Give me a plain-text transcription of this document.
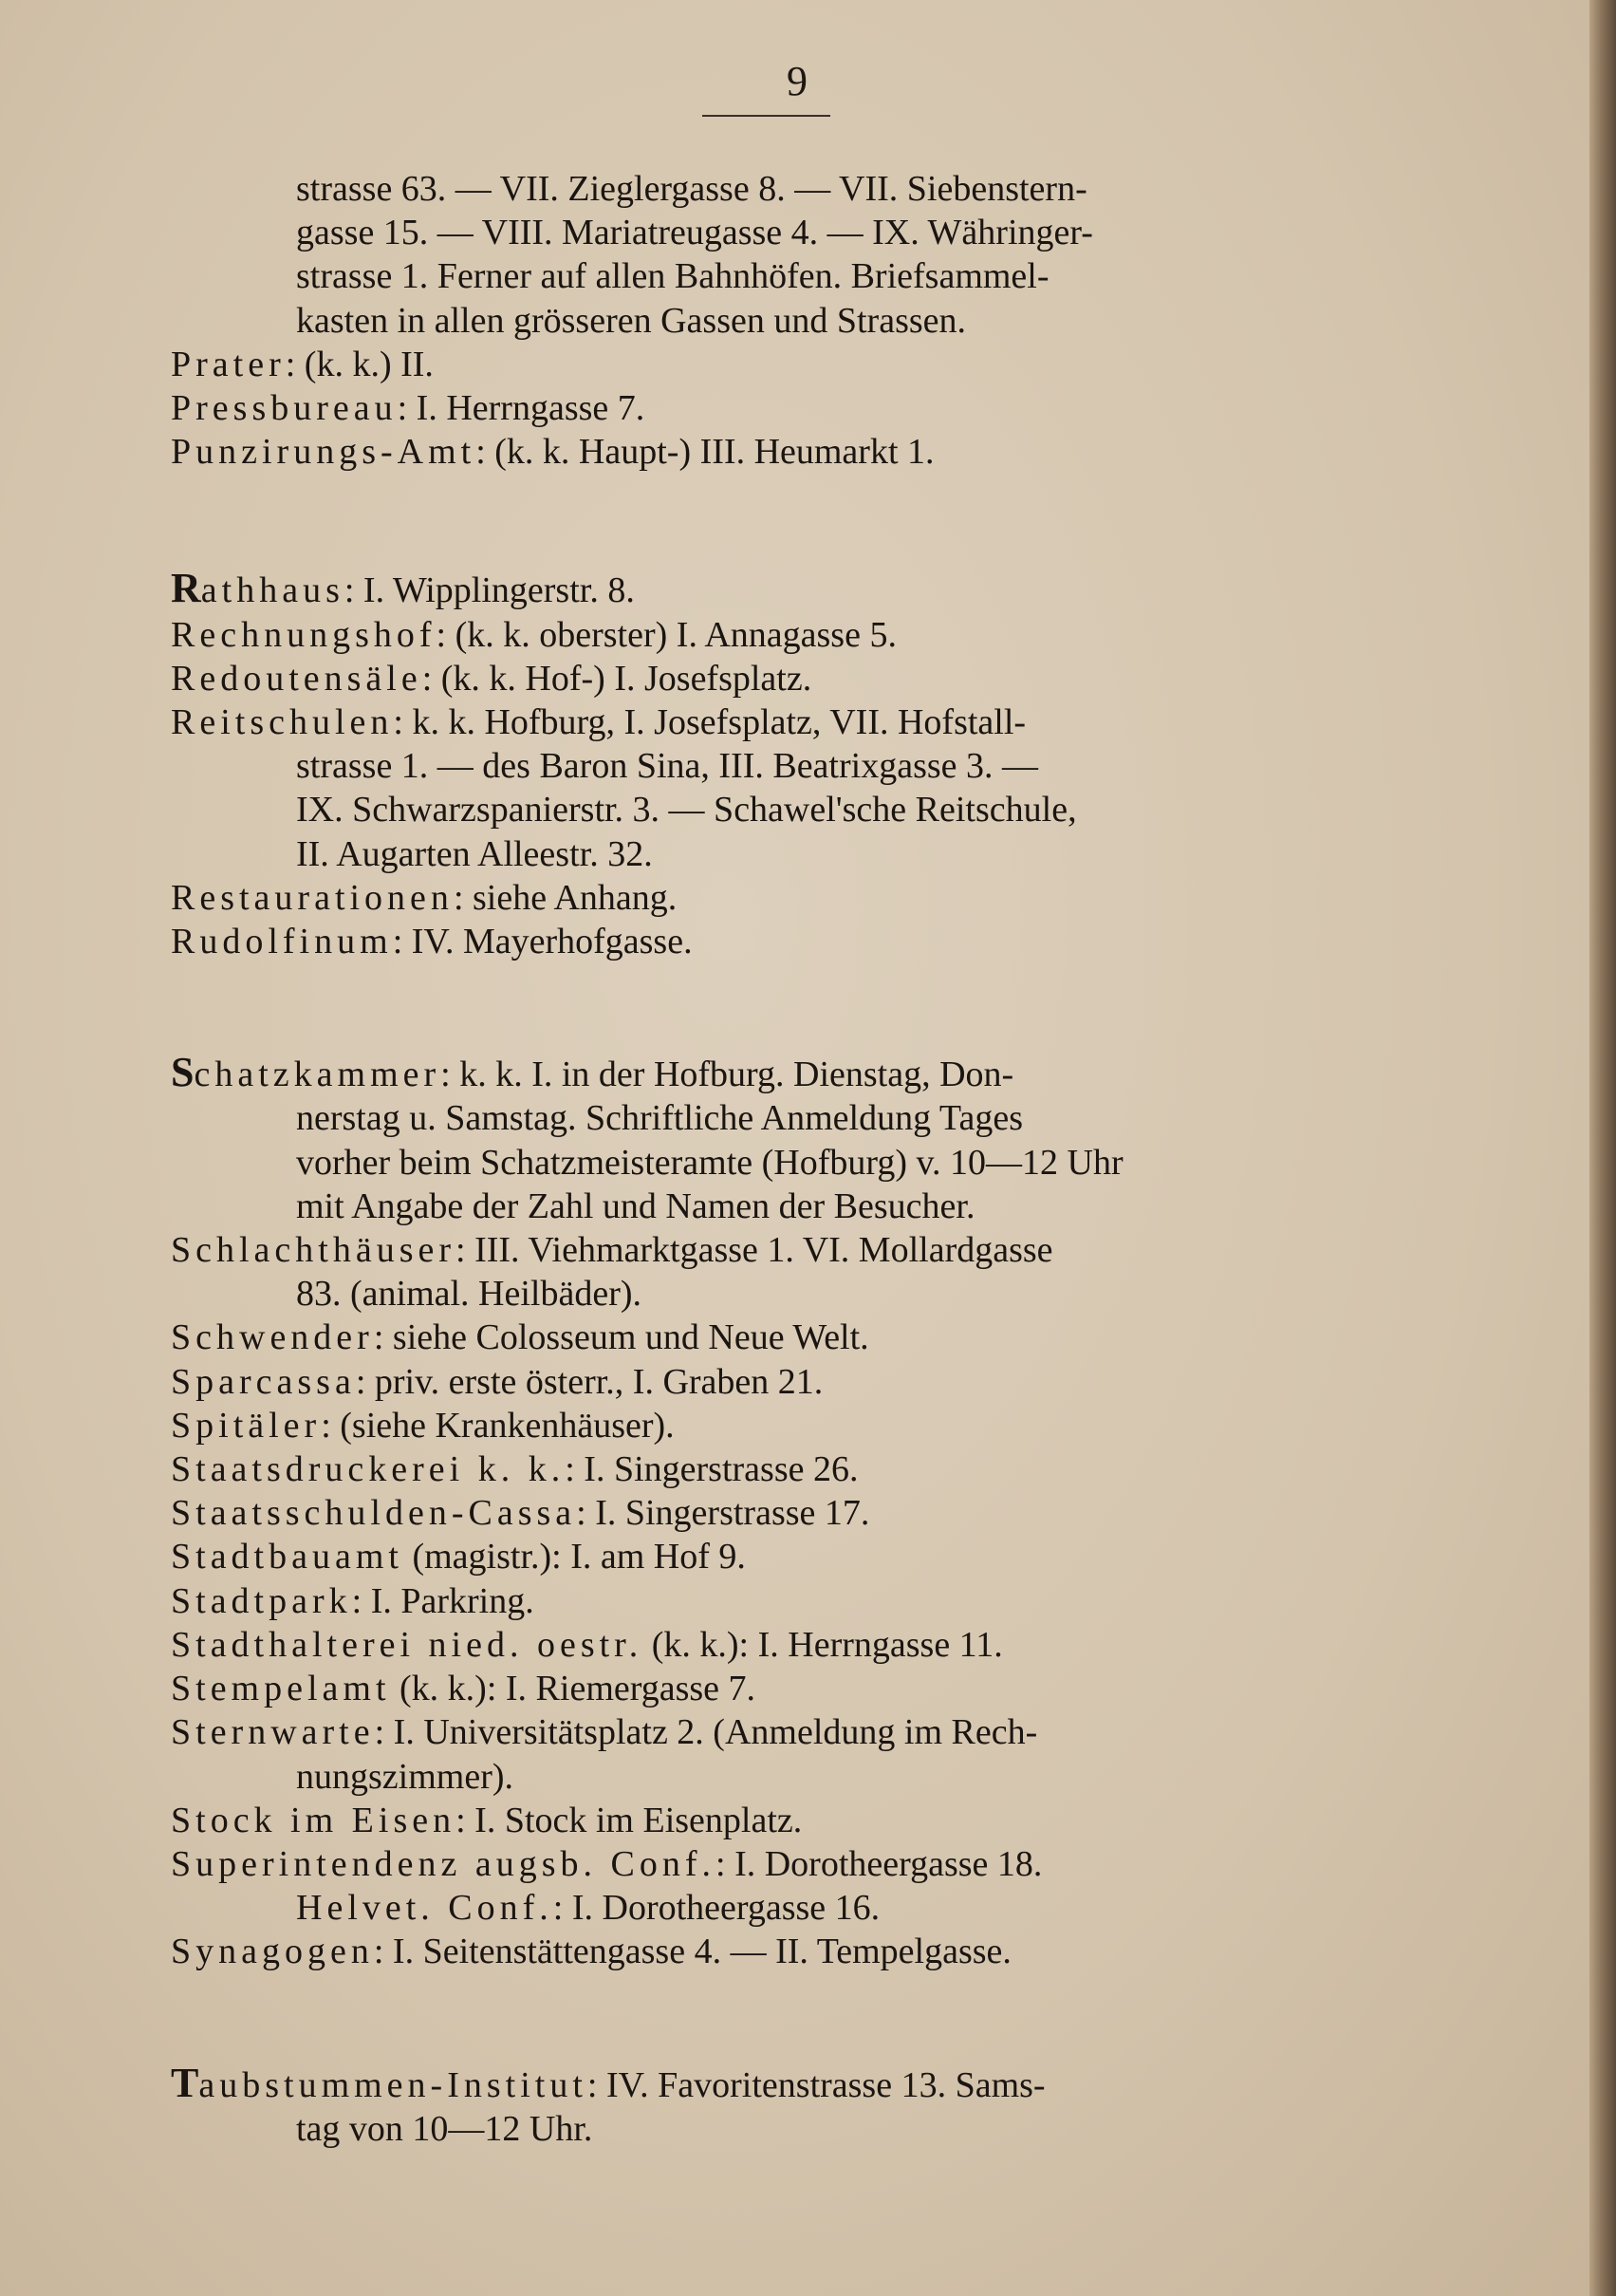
9
strasse 63. — VII. Zieglergasse 8. — VII. Siebenstern-
gasse 15. — VIII. Mariatreugasse 4. — IX. Währinger-
strasse 1. Ferner auf allen Bahnhöfen. Briefsammel-
kasten in allen grösseren Gassen und Strassen.
Prater: (k. k.) II.
Pressbureau: I. Herrngasse 7.
Punzirungs-Amt: (k. k. Haupt-) III. Heumarkt 1.
Rathhaus: I. Wipplingerstr. 8.
Rechnungshof: (k. k. oberster) I. Annagasse 5.
Redoutensäle: (k. k. Hof-) I. Josefsplatz.
Reitschulen: k. k. Hofburg, I. Josefsplatz, VII. Hofstall-
strasse 1. — des Baron Sina, III. Beatrixgasse 3. —
IX. Schwarzspanierstr. 3. — Schawel'sche Reitschule,
II. Augarten Alleestr. 32.
Restaurationen: siehe Anhang.
Rudolfinum: IV. Mayerhofgasse.
Schatzkammer: k. k. I. in der Hofburg. Dienstag, Don-
nerstag u. Samstag. Schriftliche Anmeldung Tages
vorher beim Schatzmeisteramte (Hofburg) v. 10—12 Uhr
mit Angabe der Zahl und Namen der Besucher.
Schlachthäuser: III. Viehmarktgasse 1. VI. Mollardgasse
83. (animal. Heilbäder).
Schwender: siehe Colosseum und Neue Welt.
Sparcassa: priv. erste österr., I. Graben 21.
Spitäler: (siehe Krankenhäuser).
Staatsdruckerei k. k.: I. Singerstrasse 26.
Staatsschulden-Cassa: I. Singerstrasse 17.
Stadtbauamt (magistr.): I. am Hof 9.
Stadtpark: I. Parkring.
Stadthalterei nied. oestr. (k. k.): I. Herrngasse 11.
Stempelamt (k. k.): I. Riemergasse 7.
Sternwarte: I. Universitätsplatz 2. (Anmeldung im Rech-
nungszimmer).
Stock im Eisen: I. Stock im Eisenplatz.
Superintendenz augsb. Conf.: I. Dorotheergasse 18.
Helvet. Conf.: I. Dorotheergasse 16.
Synagogen: I. Seitenstättengasse 4. — II. Tempelgasse.
Taubstummen-Institut: IV. Favoritenstrasse 13. Sams-
tag von 10—12 Uhr.
